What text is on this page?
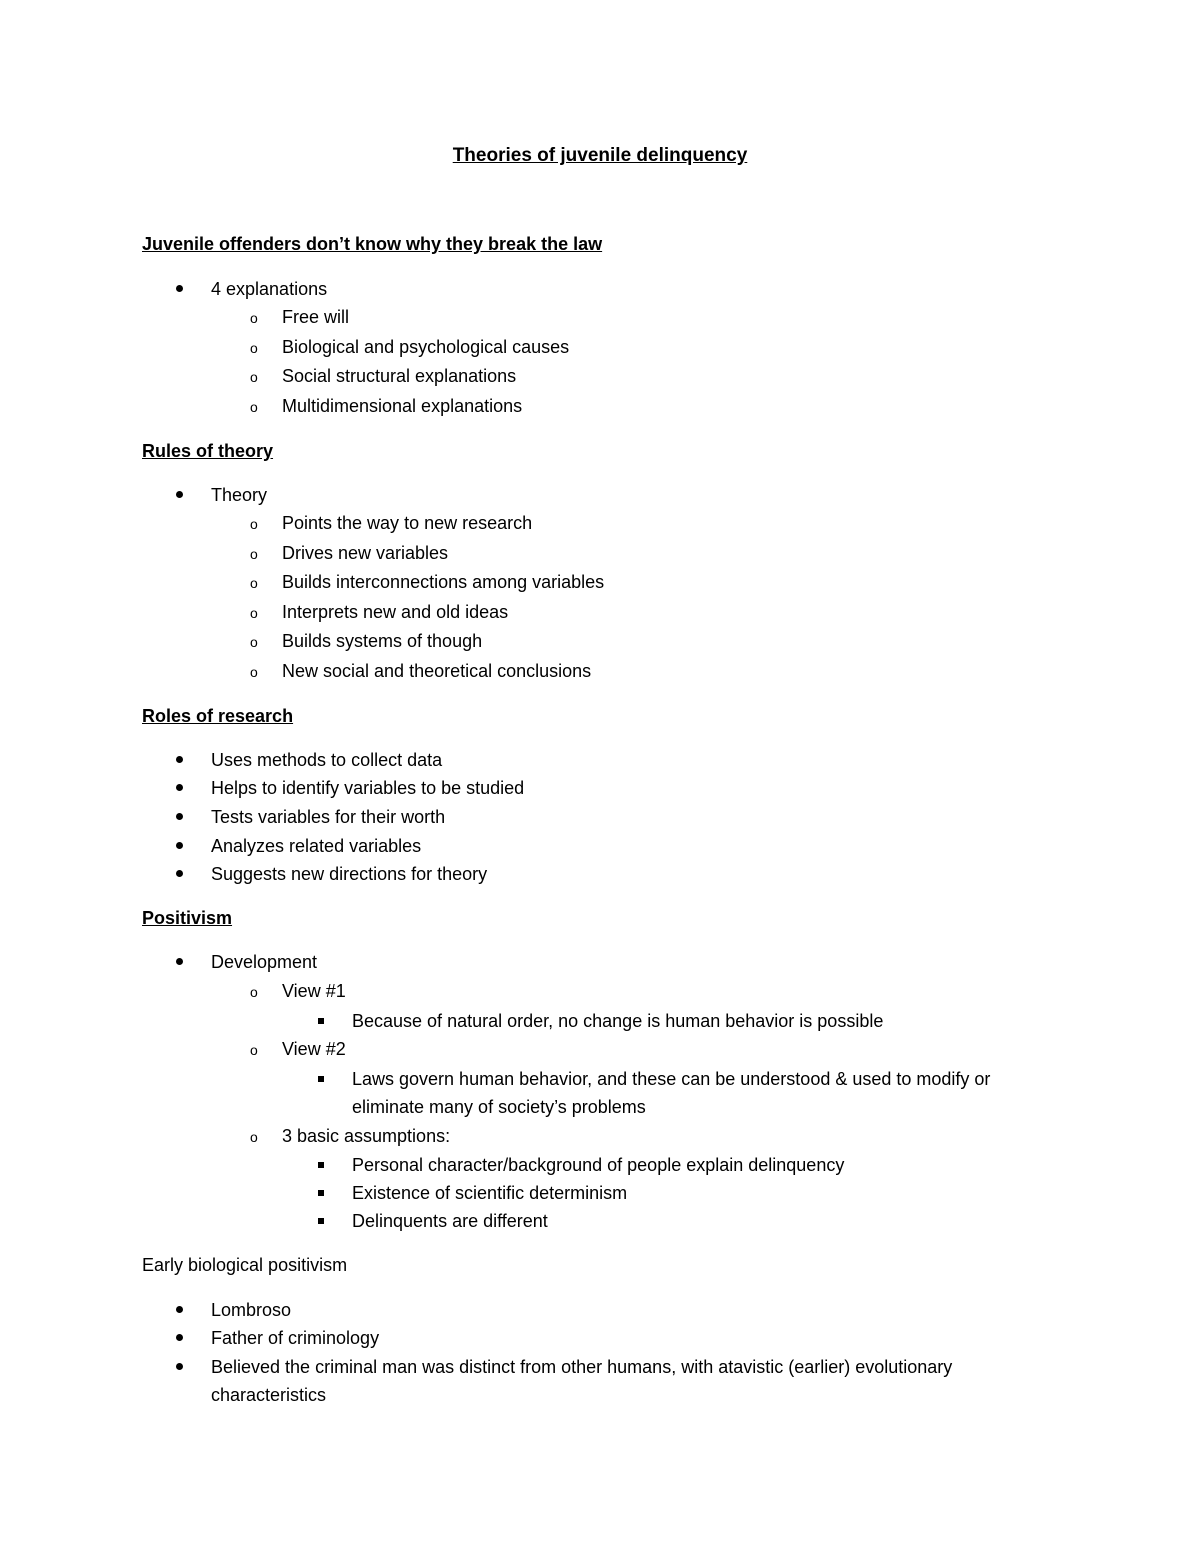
Theories of juvenile delinquency
Juvenile offenders don’t know why they break the law
4 explanations
o Free will
o Biological and psychological causes
o Social structural explanations
o Multidimensional explanations
Rules of theory
Theory
o Points the way to new research
o Drives new variables
o Builds interconnections among variables
o Interprets new and old ideas
o Builds systems of though
o New social and theoretical conclusions
Roles of research
Uses methods to collect data
Helps to identify variables to be studied
Tests variables for their worth
Analyzes related variables
Suggests new directions for theory
Positivism
Development
o View #1
Because of natural order, no change is human behavior is possible
o View #2
Laws govern human behavior, and these can be understood & used to modify or
eliminate many of society’s problems
o 3 basic assumptions:
Personal character/background of people explain delinquency
Existence of scientific determinism
Delinquents are different
Early biological positivism
Lombroso
Father of criminology
Believed the criminal man was distinct from other humans, with atavistic (earlier) evolutionary
characteristics
